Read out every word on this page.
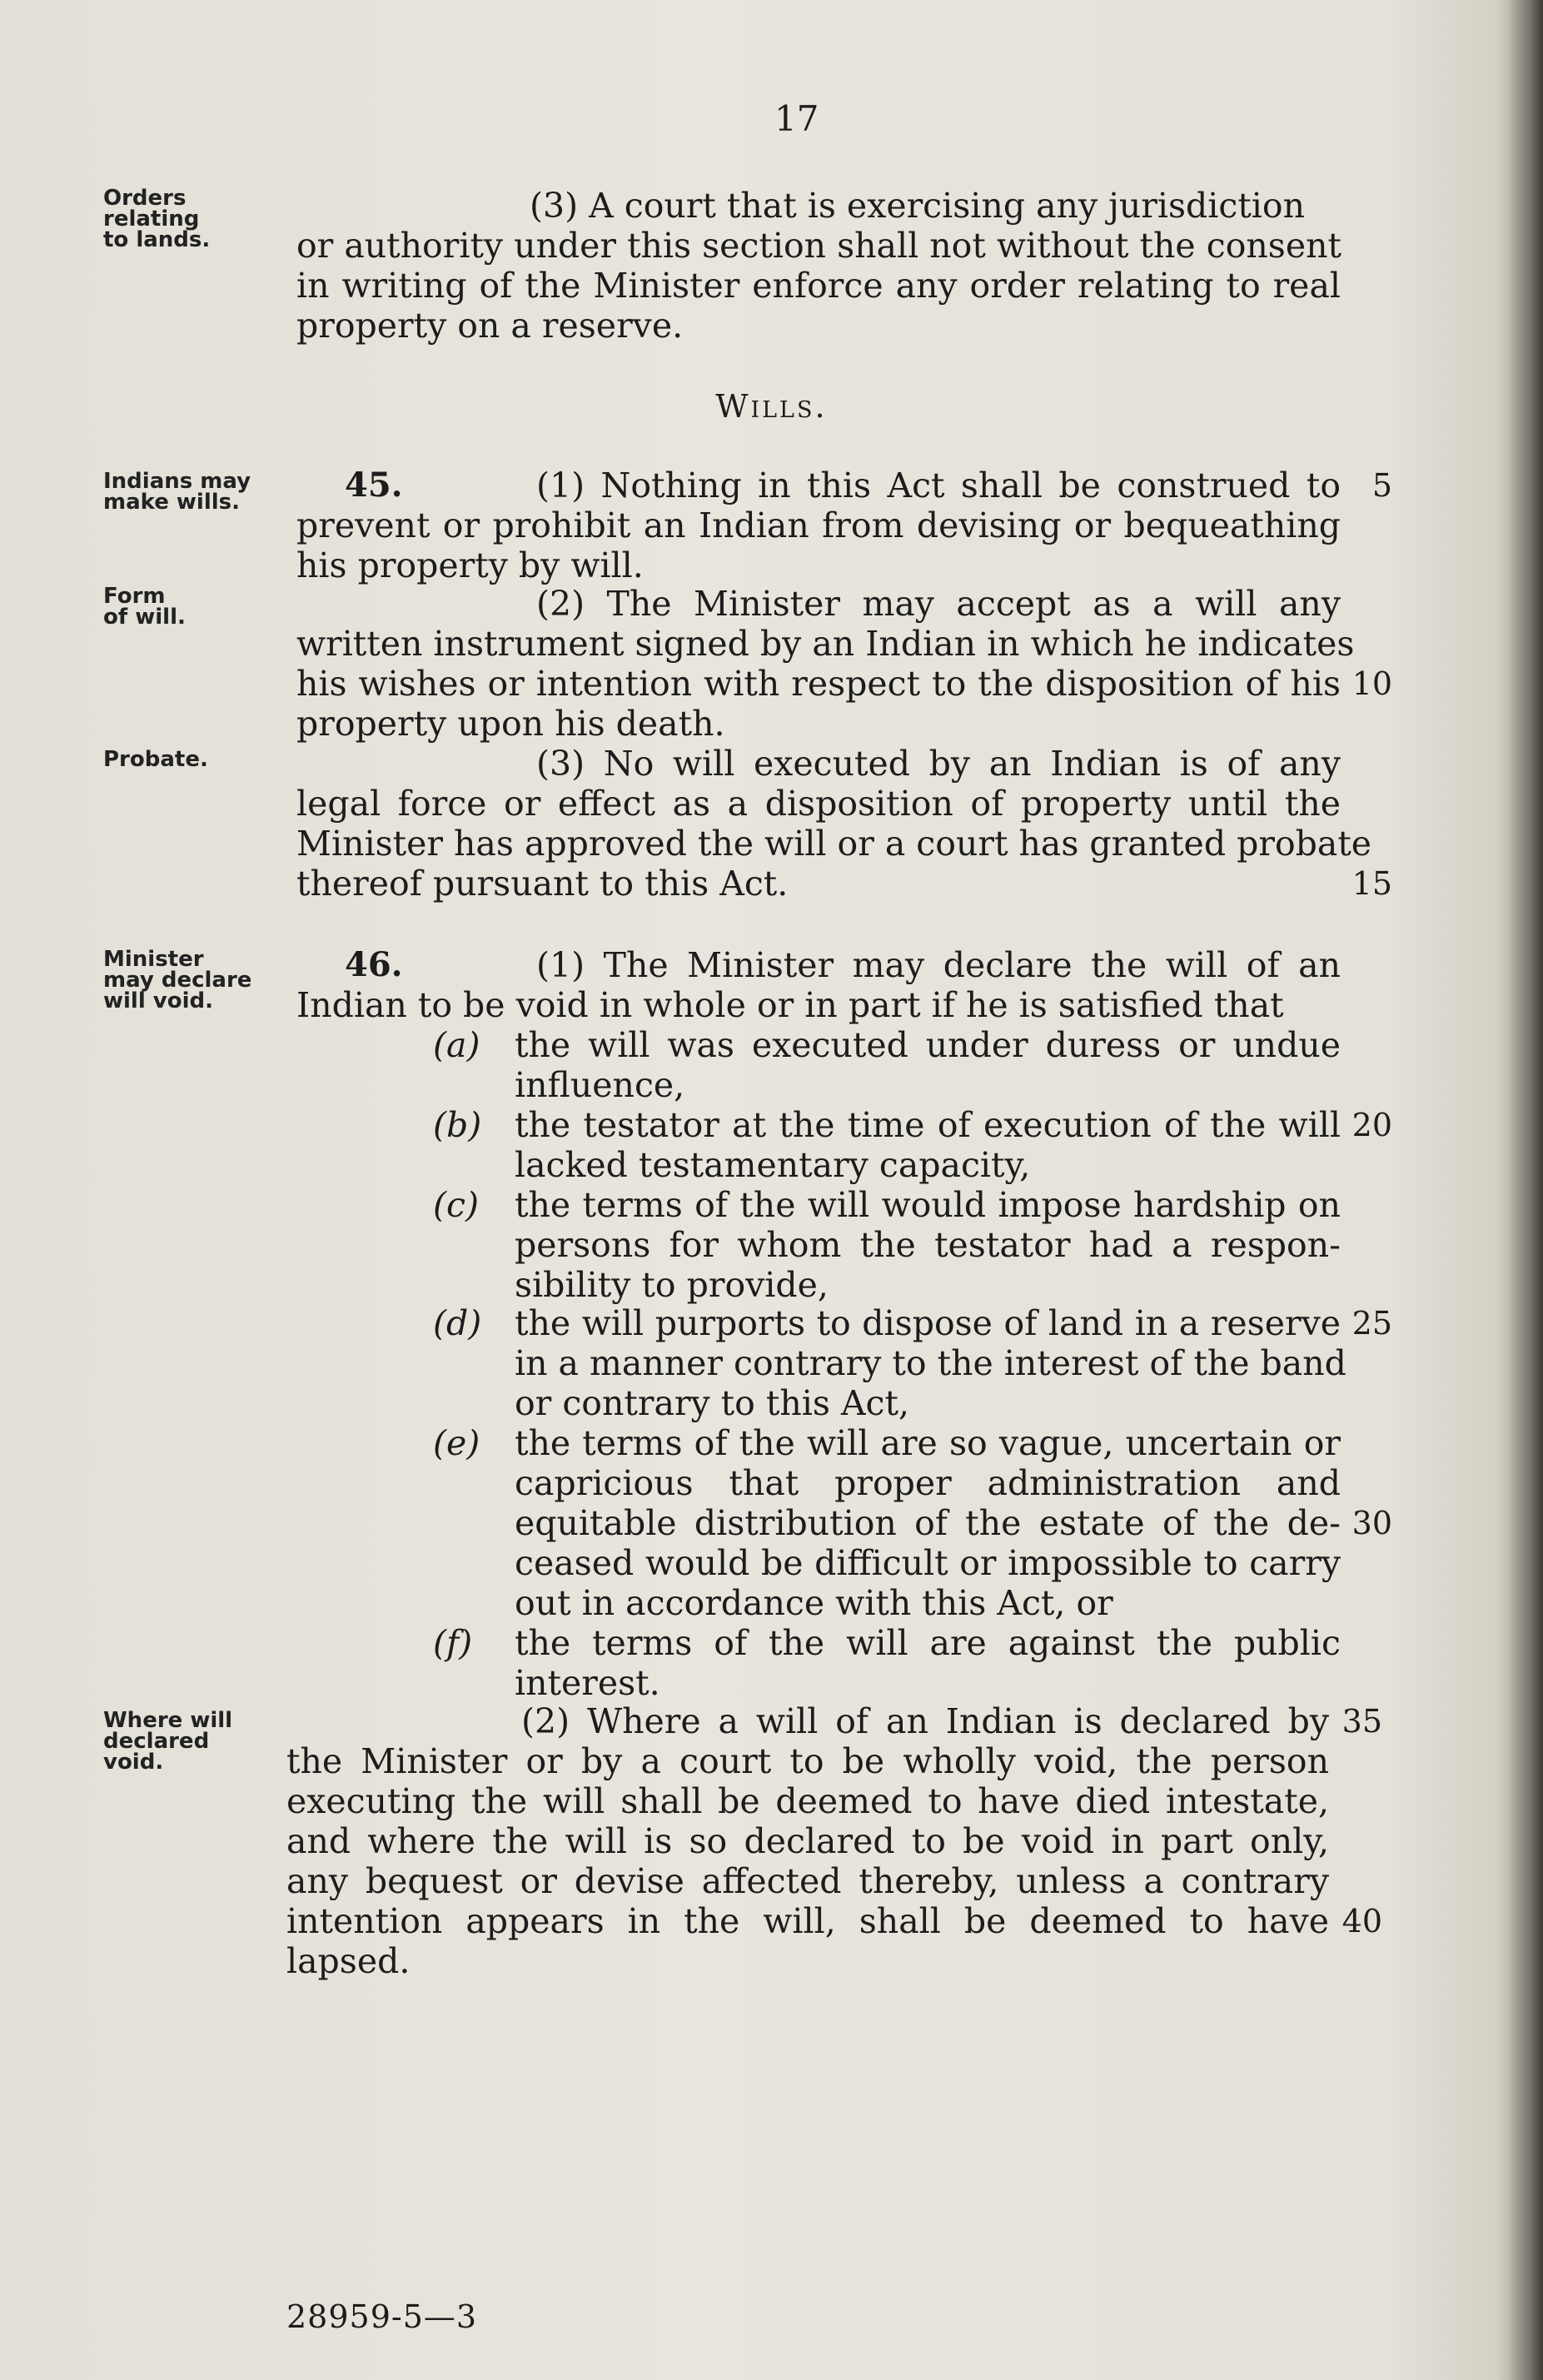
17
Orders
relating
to lands.
Indians may
make wills.
Form
of will.
Probate.
Minister
may declare
will void.
Where will
declared
void.
(3) A court that is exercising any jurisdiction
or authority under this section shall not without the consent
in writing of the Minister enforce any order relating to real
property on a reserve.
Wills.
45.	(1) Nothing in this Act shall be construed to
prevent or prohibit an Indian from devising or bequeathing
his property by will.
(2) The Minister may accept as a will any
written instrument signed by an Indian in which he indicates
his wishes or intention with respect to the disposition of his
property upon his death.
(3) No will executed by an Indian is of any
legal force or effect as a disposition of property until the
Minister has approved the will or a court has granted probate
thereof pursuant to this Act.
46.	(1) The Minister may declare the will of an
Indian to be void in whole or in part if he is satisfied that
(a) the will was executed under duress or undue
influence,
(b) the testator at the time of execution of the will
lacked testamentary capacity,
(c) the terms of the will would impose hardship on
persons for whom the testator had a respon-
sibility to provide,
(d) the will purports to dispose of land in a reserve
in a manner contrary to the interest of the band
or contrary to this Act,
(e) the terms of the will are so vague, uncertain or
capricious that proper administration and
equitable distribution of the estate of the de-
ceased would be difficult or impossible to carry
out in accordance with this Act, or
(f) the terms of the will are against the public
interest.
(2) Where a will of an Indian is declared by
the Minister or by a court to be wholly void, the person
executing the will shall be deemed to have died intestate,
and where the will is so declared to be void in part only,
any bequest or devise affected thereby, unless a contrary
intention appears in the will, shall be deemed to have
lapsed.
5
10
15
20
25
30
35
40
28959-5—3
